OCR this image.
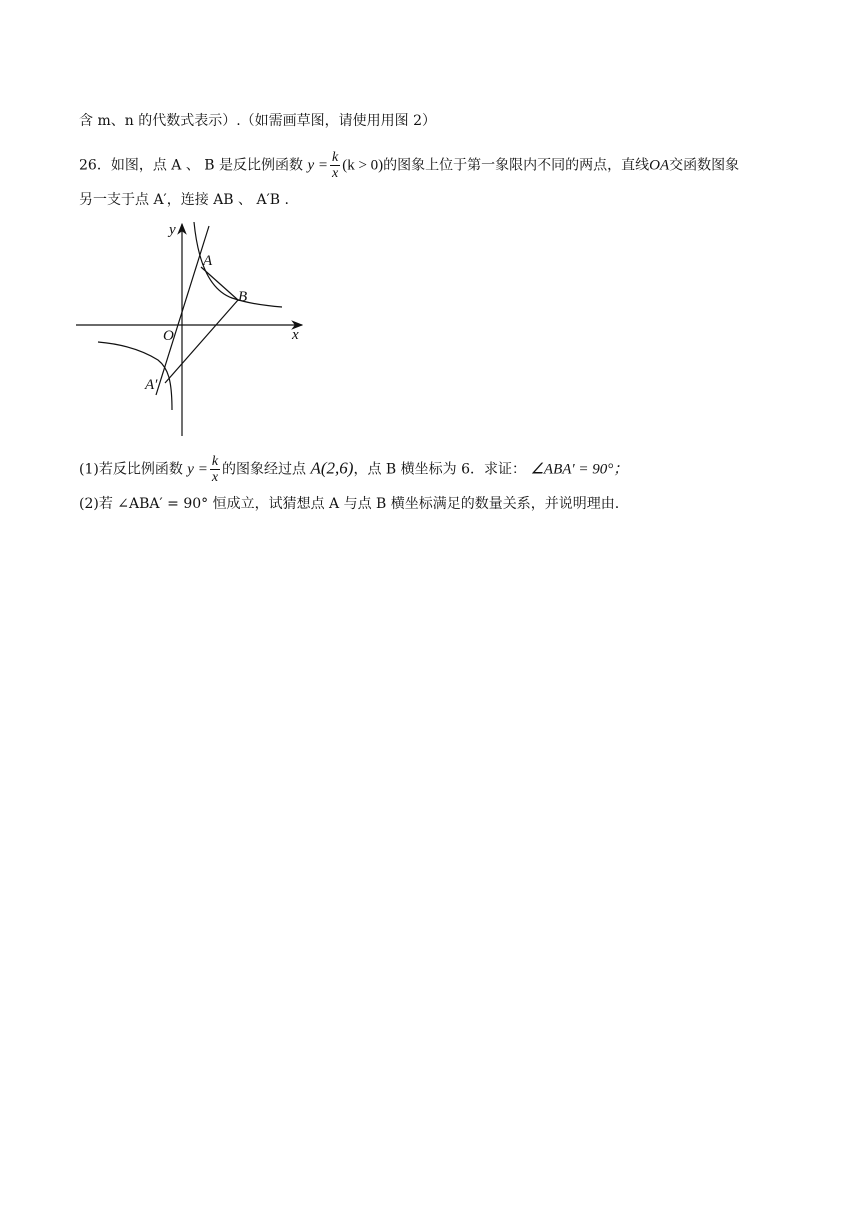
含 m、n 的代数式表示）.（如需画草图，请使用用图 2）
26．如图，点 A 、 B 是反比例函数 $y = \frac{k}{x} (k > 0)$的图象上位于第一象限内不同的两点，直线OA交函数图象
另一支于点 A′，连接 AB 、 A′B .
y
x
O
A
B
A′
(1)若反比例函数 $y = \frac{k}{x}$ 的图象经过点 A(2,6)，点 B 横坐标为 6．求证： ∠ABA′ = 90°；
(2)若 ∠ABA′ = 90° 恒成立，试猜想点 A 与点 B 横坐标满足的数量关系，并说明理由.
